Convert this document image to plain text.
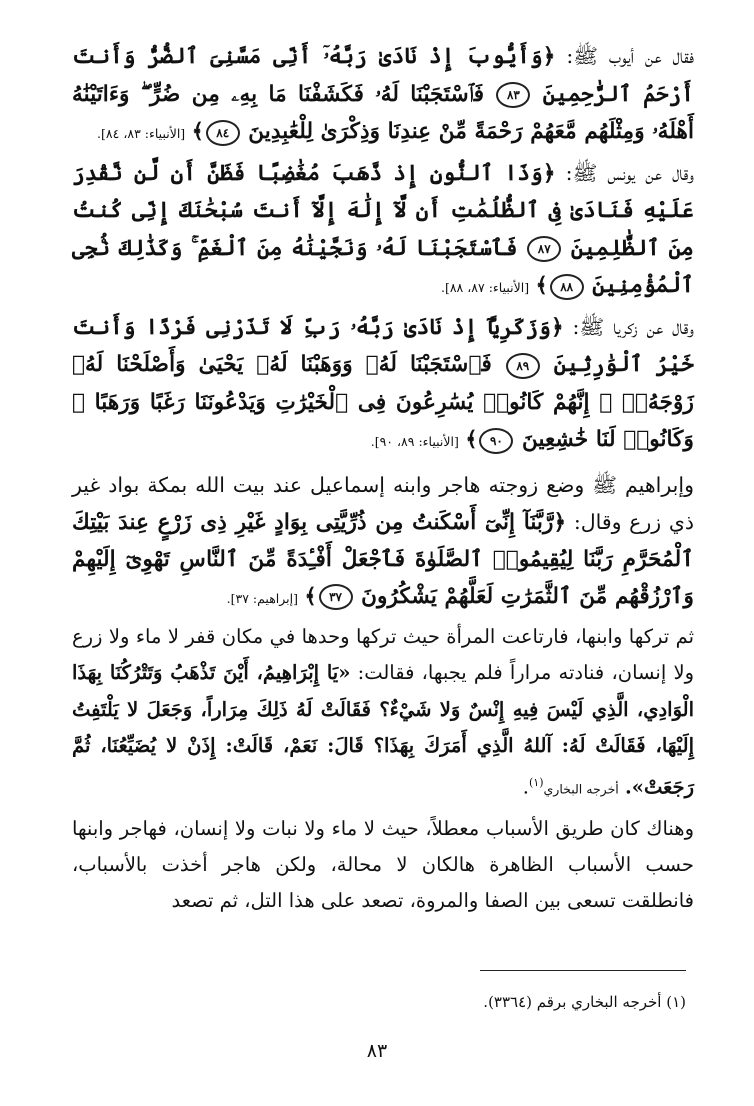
فقال عن أيوب ﷺ: ﴿وَأَيُّوبَ إِذْ نَادَىٰ رَبَّهُۥٓ أَنِّى مَسَّنِىَ ٱلضُّرُّ وَأَنتَ أَرْحَمُ ٱلرَّٰحِمِينَ ٨٣ فَٱسْتَجَبْنَا لَهُۥ فَكَشَفْنَا مَا بِهِۦ مِن ضُرٍّ ۖ وَءَاتَيْنَٰهُ أَهْلَهُۥ وَمِثْلَهُم مَّعَهُمْ رَحْمَةً مِّنْ عِندِنَا وَذِكْرَىٰ لِلْعَٰبِدِينَ ٨٤﴾ [الأنبياء: ٨٣، ٨٤].

وقال عن يونس ﷺ: ﴿وَذَا ٱلنُّونِ إِذ ذَّهَبَ مُغَٰضِبًا فَظَنَّ أَن لَّن نَّقْدِرَ عَلَيْهِ فَنَادَىٰ فِى ٱلظُّلُمَٰتِ أَن لَّآ إِلَٰهَ إِلَّآ أَنتَ سُبْحَٰنَكَ إِنِّى كُنتُ مِنَ ٱلظَّٰلِمِينَ ٨٧ فَٱسْتَجَبْنَا لَهُۥ وَنَجَّيْنَٰهُ مِنَ ٱلْغَمِّ ۚ وَكَذَٰلِكَ نُۨجِى ٱلْمُؤْمِنِينَ ٨٨﴾ [الأنبياء: ٨٧، ٨٨].

وقال عن زكريا ﷺ: ﴿وَزَكَرِيَّآ إِذْ نَادَىٰ رَبَّهُۥ رَبِّ لَا تَذَرْنِى فَرْدًا وَأَنتَ خَيْرُ ٱلْوَٰرِثِينَ ٨٩ فَٱسْتَجَبْنَا لَهُۥ وَوَهَبْنَا لَهُۥ يَحْيَىٰ وَأَصْلَحْنَا لَهُۥ زَوْجَهُۥٓ ۚ إِنَّهُمْ كَانُوا۟ يُسَٰرِعُونَ فِى ٱلْخَيْرَٰتِ وَيَدْعُونَنَا رَغَبًا وَرَهَبًا ۖ وَكَانُوا۟ لَنَا خَٰشِعِينَ ٩٠﴾ [الأنبياء: ٨٩، ٩٠].

وإبراهيم ﷺ وضع زوجته هاجر وابنه إسماعيل عند بيت الله بمكة بواد غير ذي زرع وقال: ﴿رَّبَّنَآ إِنِّىٓ أَسْكَنتُ مِن ذُرِّيَّتِى بِوَادٍ غَيْرِ ذِى زَرْعٍ عِندَ بَيْتِكَ ٱلْمُحَرَّمِ رَبَّنَا لِيُقِيمُوا۟ ٱلصَّلَوٰةَ فَٱجْعَلْ أَفْـِٔدَةً مِّنَ ٱلنَّاسِ تَهْوِىٓ إِلَيْهِمْ وَٱرْزُقْهُم مِّنَ ٱلثَّمَرَٰتِ لَعَلَّهُمْ يَشْكُرُونَ ٣٧﴾ [إبراهيم: ٣٧].

ثم تركها وابنها، فارتاعت المرأة حيث تركها وحدها في مكان قفر لا ماء ولا زرع ولا إنسان، فنادته مراراً فلم يجبها، فقالت: «يَا إِبْرَاهِيمُ، أَيْنَ تَذْهَبُ وَتَتْرُكُنَا بِهَذَا الْوَادِي، الَّذِي لَيْسَ فِيهِ إِنْسٌ وَلا شَيْءٌ؟ فَقَالَتْ لَهُ ذَلِكَ مِرَاراً، وَجَعَلَ لا يَلْتَفِتُ إِلَيْهَا، فَقَالَتْ لَهُ: آللهُ الَّذِي أَمَرَكَ بِهَذَا؟ قَالَ: نَعَمْ، قَالَتْ: إِذَنْ لا يُضَيِّعُنَا، ثُمَّ رَجَعَتْ». أخرجه البخاري$^{(١)}$.

وهناك كان طريق الأسباب معطلاً، حيث لا ماء ولا نبات ولا إنسان، فهاجر وابنها حسب الأسباب الظاهرة هالكان لا محالة، ولكن هاجر أخذت بالأسباب، فانطلقت تسعى بين الصفا والمروة، تصعد على هذا التل، ثم تصعد

(١) أخرجه البخاري برقم (٣٣٦٤).
٨٣
